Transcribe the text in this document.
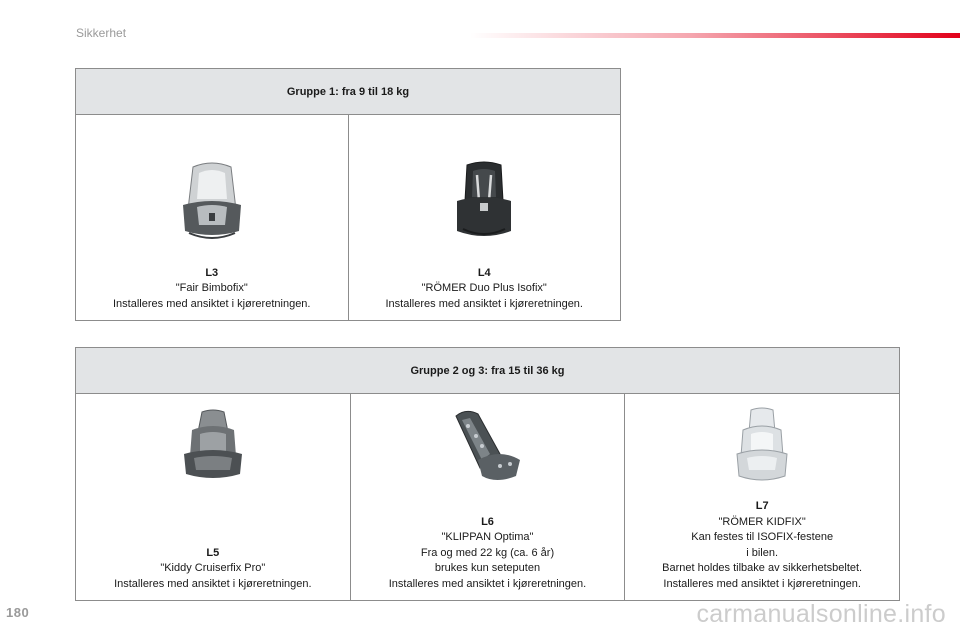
Sikkerhet
Gruppe 1: fra 9 til 18 kg

L3
"Fair Bimbofix"
Installeres med ansiktet i kjøreretningen.

L4
"RÖMER Duo Plus Isofix"
Installeres med ansiktet i kjøreretningen.
Gruppe 2 og 3: fra 15 til 36 kg

L5
"Kiddy Cruiserfix Pro"
Installeres med ansiktet i kjøreretningen.

L6
"KLIPPAN Optima"
Fra og med 22 kg (ca. 6 år)
brukes kun seteputen
Installeres med ansiktet i kjøreretningen.

L7
"RÖMER KIDFIX"
Kan festes til ISOFIX-festene
i bilen.
Barnet holdes tilbake av sikkerhetsbeltet.
Installeres med ansiktet i kjøreretningen.
180	carmanualsonline.info
